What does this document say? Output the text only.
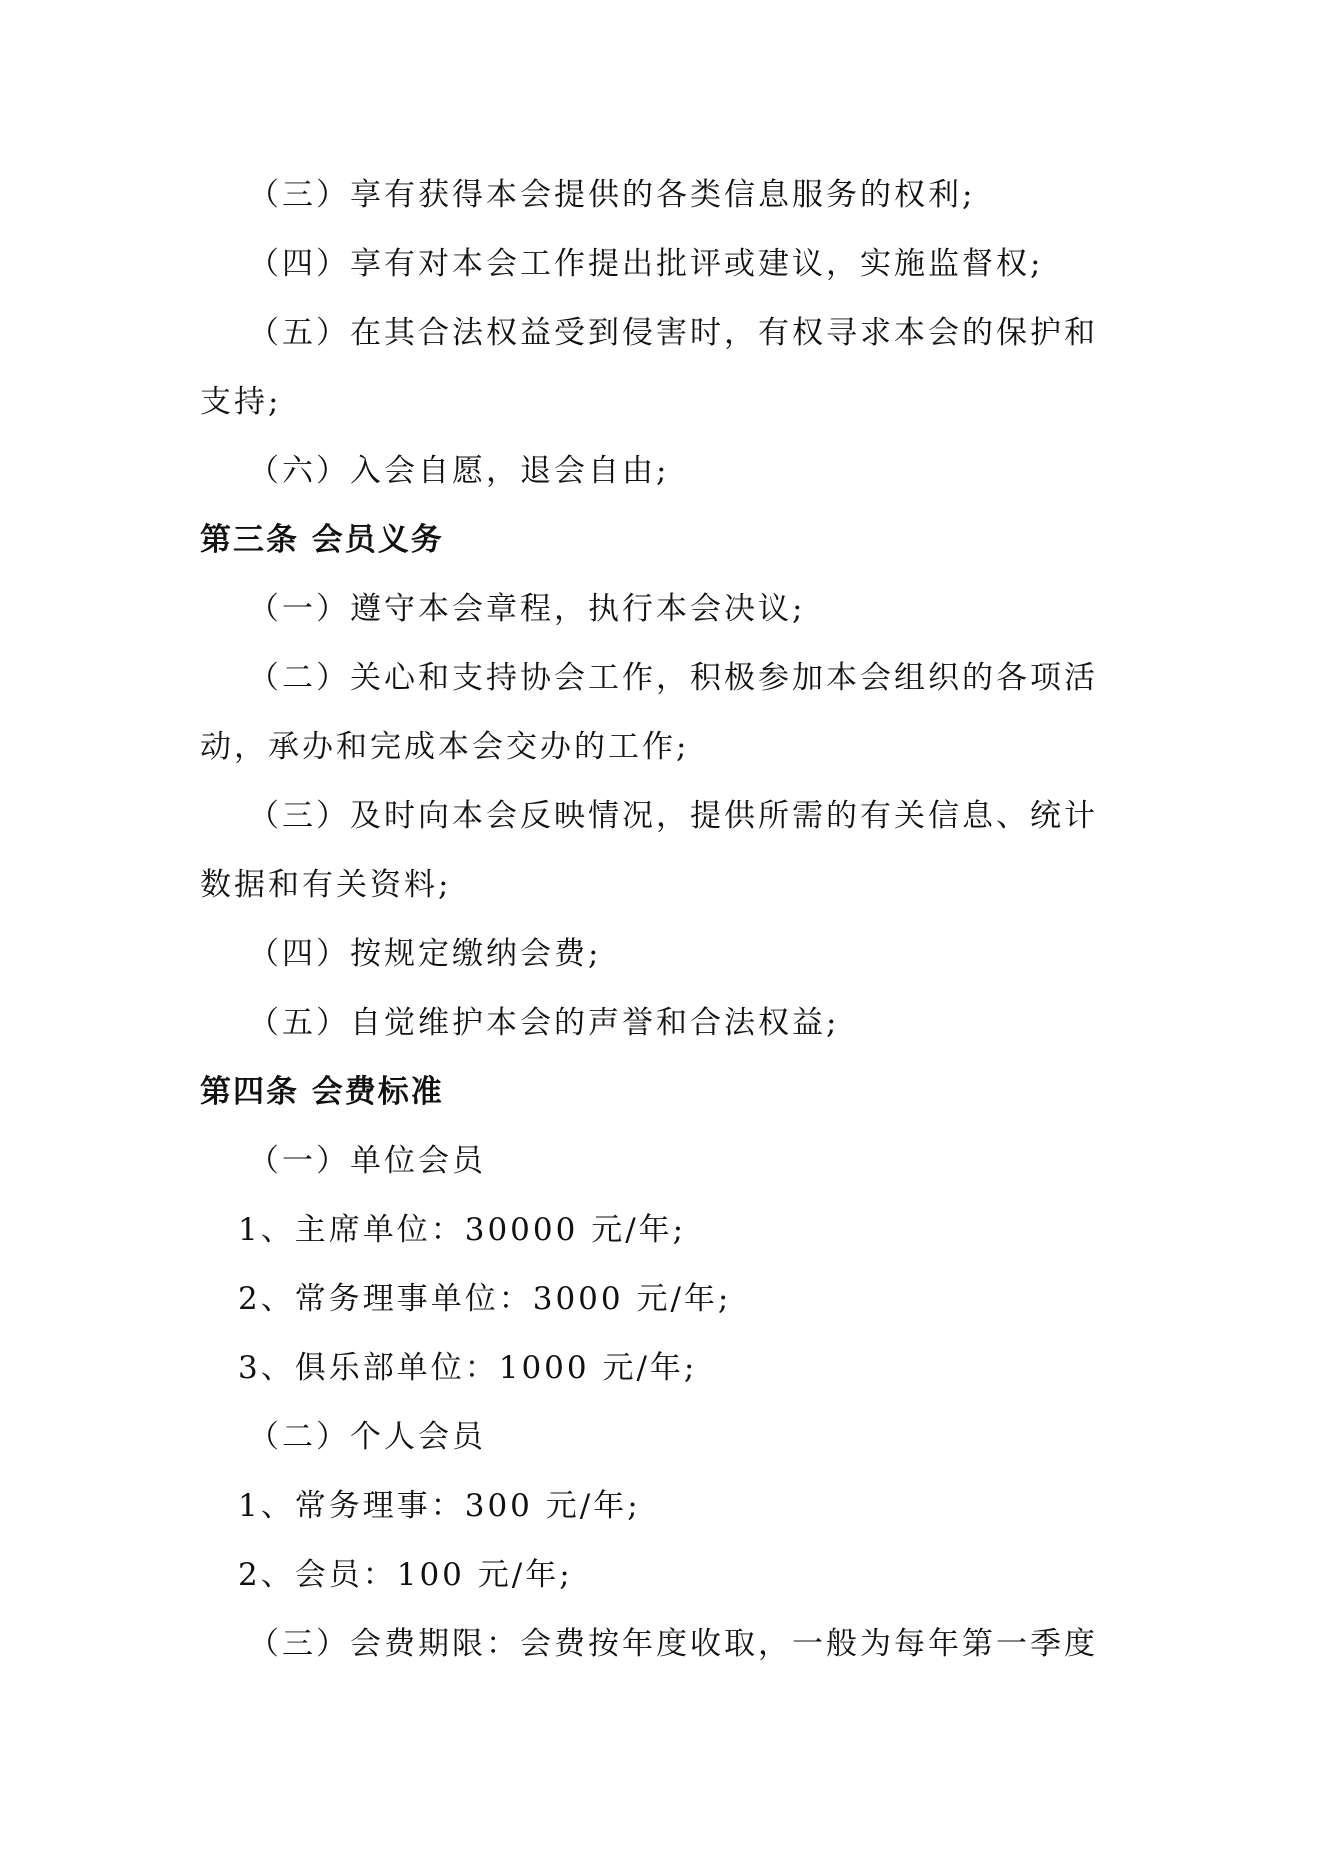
（三）享有获得本会提供的各类信息服务的权利;
（四）享有对本会工作提出批评或建议，实施监督权;
（五）在其合法权益受到侵害时，有权寻求本会的保护和
支持;
（六）入会自愿，退会自由;
第三条 会员义务
（一）遵守本会章程，执行本会决议;
（二）关心和支持协会工作，积极参加本会组织的各项活
动，承办和完成本会交办的工作;
（三）及时向本会反映情况，提供所需的有关信息、统计
数据和有关资料;
（四）按规定缴纳会费;
（五）自觉维护本会的声誉和合法权益;
第四条 会费标准
（一）单位会员
1、主席单位：30000 元/年;
2、常务理事单位：3000 元/年;
3、俱乐部单位：1000 元/年;
（二）个人会员
1、常务理事：300 元/年;
2、会员：100 元/年;
（三）会费期限：会费按年度收取，一般为每年第一季度
